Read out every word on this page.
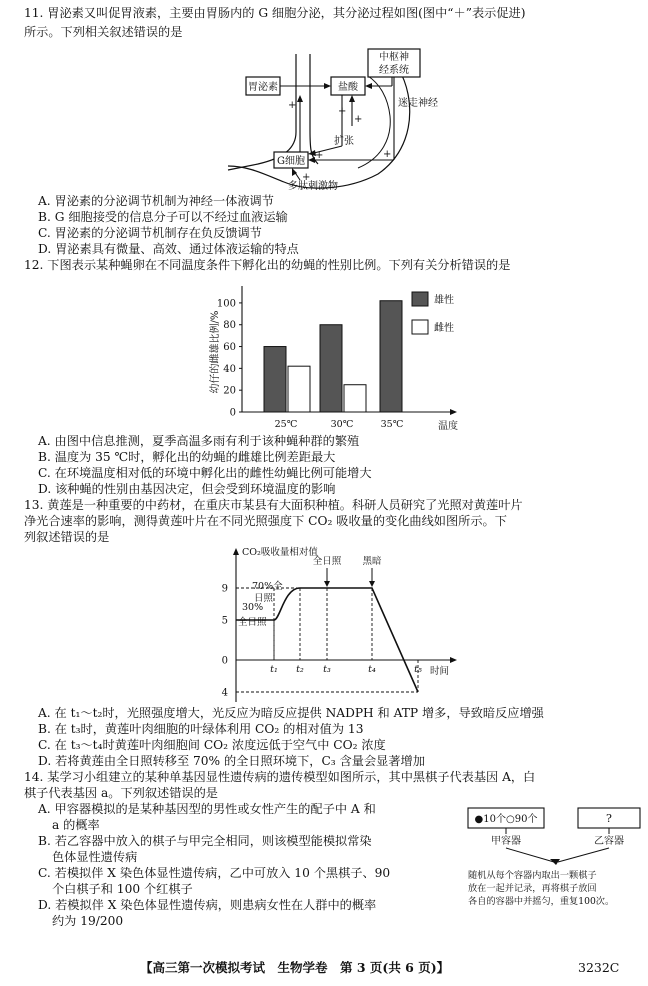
11. 胃泌素又叫促胃液素，主要由胃肠内的 G 细胞分泌，其分泌过程如图(图中“＋”表示促进)
所示。下列相关叙述错误的是
中枢神
经系统
胃泌素	盐酸
G细胞
迷走神经
扩张
多肽刺激物
+
+
+	+
+
+
A. 胃泌素的分泌调节机制为神经一体液调节
B. G 细胞接受的信息分子可以不经过血液运输
C. 胃泌素的分泌调节机制存在负反馈调节
D. 胃泌素具有微量、高效、通过体液运输的特点
12. 下图表示某种蝇卵在不同温度条件下孵化出的幼蝇的性别比例。下列有关分析错误的是
0
20
40
60
80
100
幼仔的雌雄比例/%
温度
25℃	30℃	35℃
雄性
雌性
A. 由图中信息推测，夏季高温多雨有利于该种蝇种群的繁殖
B. 温度为 35 ℃时，孵化出的幼蝇的雌雄比例差距最大
C. 在环境温度相对低的环境中孵化出的雌性幼蝇比例可能增大
D. 该种蝇的性别由基因决定，但会受到环境温度的影响
13. 黄莲是一种重要的中药材，在重庆市某县有大面积种植。科研人员研究了光照对黄莲叶片
净光合速率的影响，测得黄莲叶片在不同光照强度下 CO₂ 吸收量的变化曲线如图所示。下
列叙述错误的是
CO₂吸收量相对值
时间
9
5
0
4
t₁ t₂ t₃	t₄	t₅
30%
全日照
70%全
日照
全日照 黑暗
A. 在 t₁～t₂时，光照强度增大，光反应为暗反应提供 NADPH 和 ATP 增多，导致暗反应增强
B. 在 t₃时，黄莲叶肉细胞的叶绿体利用 CO₂ 的相对值为 13
C. 在 t₃～t₄时黄莲叶肉细胞间 CO₂ 浓度远低于空气中 CO₂ 浓度
D. 若将黄莲由全日照转移至 70% 的全日照环境下，C₃ 含量会显著增加
14. 某学习小组建立的某种单基因显性遗传病的遗传模型如图所示，其中黑棋子代表基因 A，白
棋子代表基因 a。下列叙述错误的是
A. 甲容器模拟的是某种基因型的男性或女性产生的配子中 A 和
a 的概率
B. 若乙容器中放入的棋子与甲完全相同，则该模型能模拟常染
色体显性遗传病
C. 若模拟伴 X 染色体显性遗传病，乙中可放入 10 个黑棋子、90
个白棋子和 100 个红棋子
D. 若模拟伴 X 染色体显性遗传病，则患病女性在人群中的概率
约为 19/200
●10个○90个	?
甲容器	乙容器
随机从每个容器内取出一颗棋子
放在一起并记录，再将棋子放回
各自的容器中并摇匀，重复100次。
【高三第一次模拟考试　生物学卷　第 3 页(共 6 页)】	3232C
